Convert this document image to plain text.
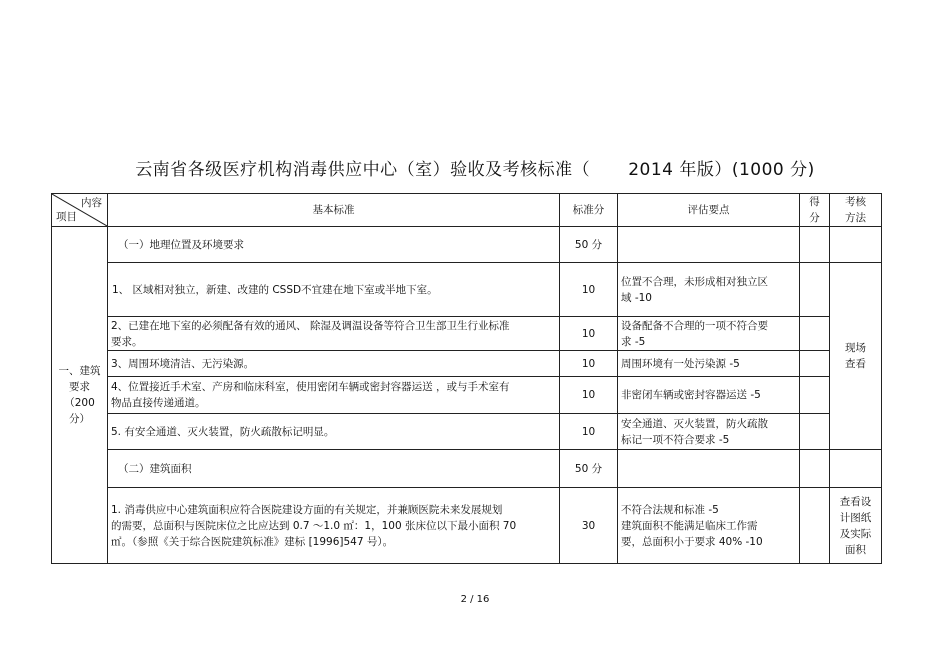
云南省各级医疗机构消毒供应中心（室）验收及考核标准（ 2014 年版）(1000 分)
内容
项目	基本标准	标准分	评估要点	得
分	考核
方法
一、建筑
要求
（200
分）	（一）地理位置及环境要求	50 分			
	1、 区域相对独立，新建、改建的 CSSD不宜建在地下室或半地下室。	10	位置不合理，未形成相对独立区
域 -10		现场
查看
	2、已建在地下室的必须配备有效的通风、 除湿及调温设备等符合卫生部卫生行业标准
要求。	10	设备配备不合理的一项不符合要
求 -5		
	3、周围环境清洁、无污染源。	10	周围环境有一处污染源 -5		
	4、位置接近手术室、产房和临床科室，使用密闭车辆或密封容器运送 ，或与手术室有
物品直接传递通道。	10	非密闭车辆或密封容器运送 -5		
	5. 有安全通道、灭火装置，防火疏散标记明显。	10	安全通道、灭火装置，防火疏散
标记一项不符合要求 -5		
	（二）建筑面积	50 分			
	1. 消毒供应中心建筑面积应符合医院建设方面的有关规定，并兼顾医院未来发展规划
的需要，总面积与医院床位之比应达到 0.7 ～1.0 ㎡：1，100 张床位以下最小面积 70
㎡。（参照《关于综合医院建筑标准》建标 [1996]547 号）。	30	不符合法规和标准 -5
建筑面积不能满足临床工作需
要，总面积小于要求 40% -10		查看设
计图纸
及实际
面积
2 / 16
